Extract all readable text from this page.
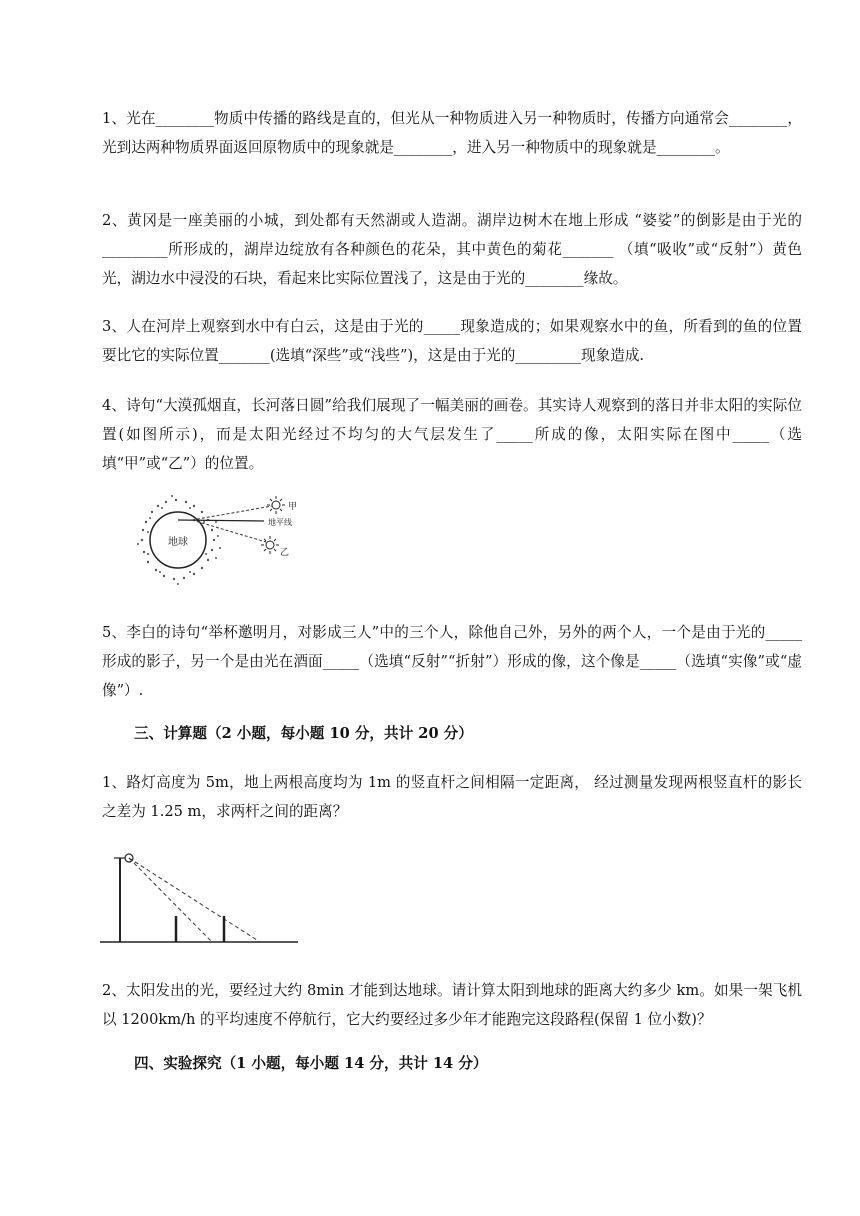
1、光在________物质中传播的路线是直的，但光从一种物质进入另一种物质时，传播方向通常会________，光到达两种物质界面返回原物质中的现象就是________，进入另一种物质中的现象就是________。

2、黄冈是一座美丽的小城，到处都有天然湖或人造湖。湖岸边树木在地上形成 “婆娑”的倒影是由于光的_________所形成的，湖岸边绽放有各种颜色的花朵，其中黄色的菊花_______ （填“吸收”或“反射”）黄色光，湖边水中浸没的石块，看起来比实际位置浅了，这是由于光的________缘故。

3、人在河岸上观察到水中有白云，这是由于光的_____现象造成的；如果观察水中的鱼，所看到的鱼的位置要比它的实际位置_______(选填“深些”或“浅些”)，这是由于光的_________现象造成.

4、诗句“大漠孤烟直，长河落日圆”给我们展现了一幅美丽的画卷。其实诗人观察到的落日并非太阳的实际位置(如图所示)，而是太阳光经过不均匀的大气层发生了_____所成的像，太阳实际在图中_____（选填“甲”或“乙”）的位置。

地球
甲
地平线
乙

5、李白的诗句“举杯邀明月，对影成三人”中的三个人，除他自己外，另外的两个人，一个是由于光的_____形成的影子，另一个是由光在酒面_____（选填“反射”“折射”）形成的像，这个像是_____（选填“实像”或“虚像”）.

三、计算题（2 小题，每小题 10 分，共计 20 分）

1、路灯高度为 5m，地上两根高度均为 1m 的竖直杆之间相隔一定距离， 经过测量发现两根竖直杆的影长之差为 1.25 m，求两杆之间的距离？

2、太阳发出的光，要经过大约 8min 才能到达地球。请计算太阳到地球的距离大约多少 km。如果一架飞机以 1200km/h 的平均速度不停航行，它大约要经过多少年才能跑完这段路程(保留 1 位小数)？

四、实验探究（1 小题，每小题 14 分，共计 14 分）
